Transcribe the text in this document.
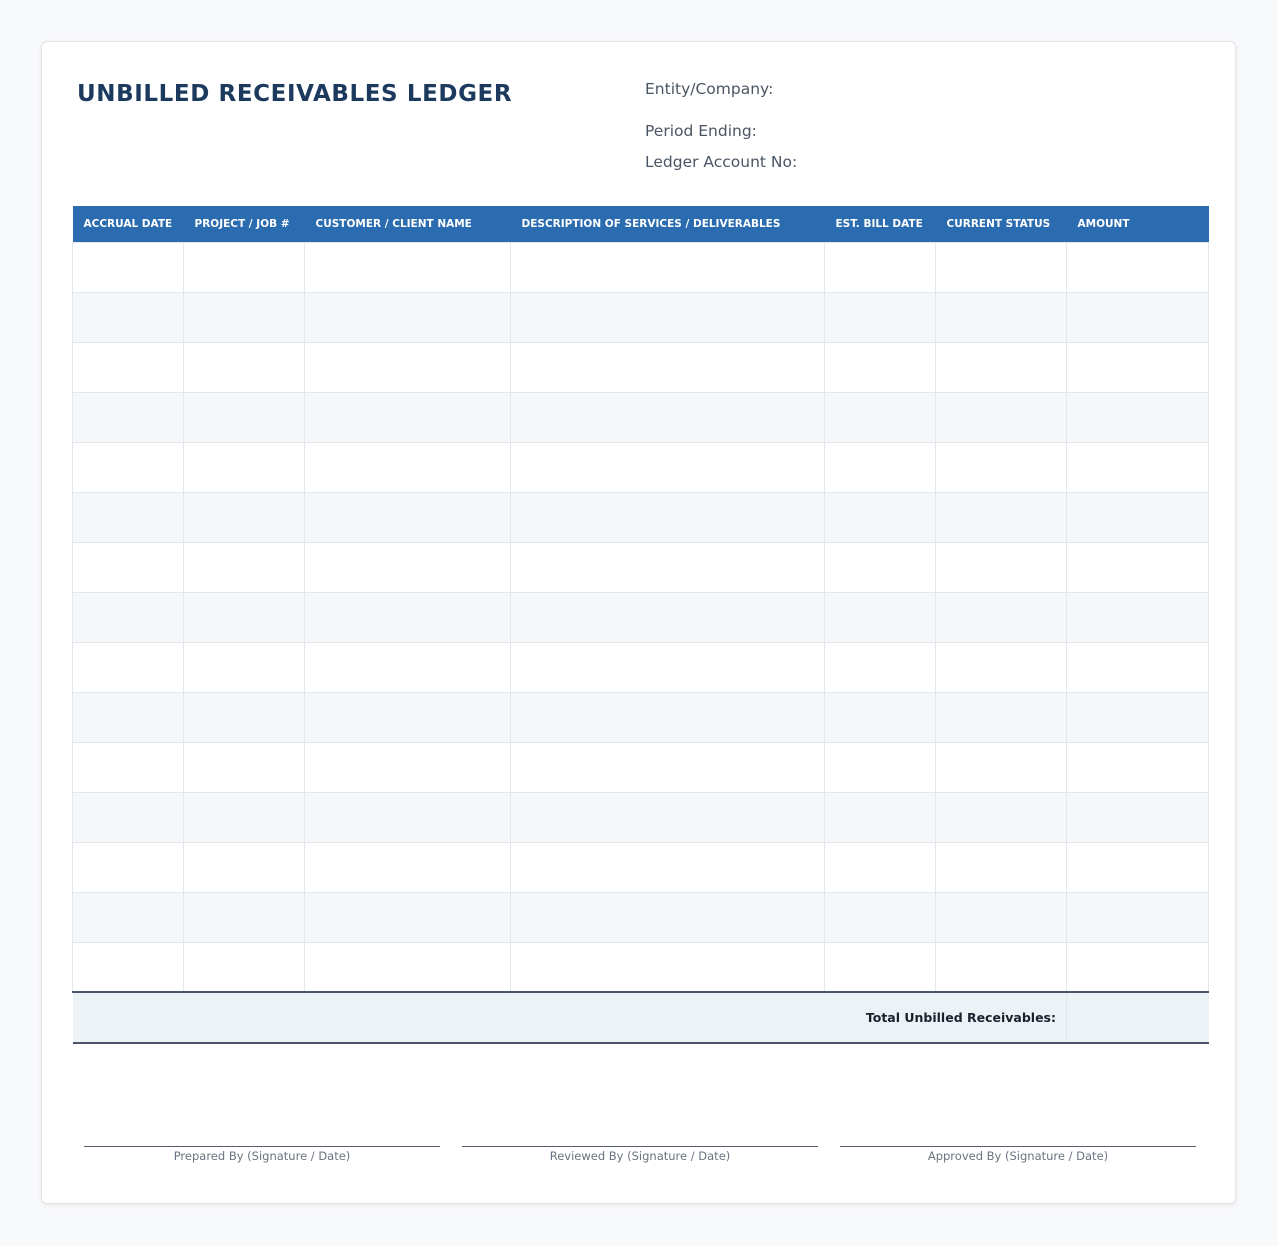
UNBILLED RECEIVABLES LEDGER	Entity/Company:
Period Ending:
Ledger Account No:
ACCRUAL DATE	PROJECT / JOB #	CUSTOMER / CLIENT NAME	DESCRIPTION OF SERVICES / DELIVERABLES	EST. BILL DATE	CURRENT STATUS	AMOUNT

Total Unbilled Receivables:						
Prepared By (Signature / Date)	Reviewed By (Signature / Date)	Approved By (Signature / Date)
